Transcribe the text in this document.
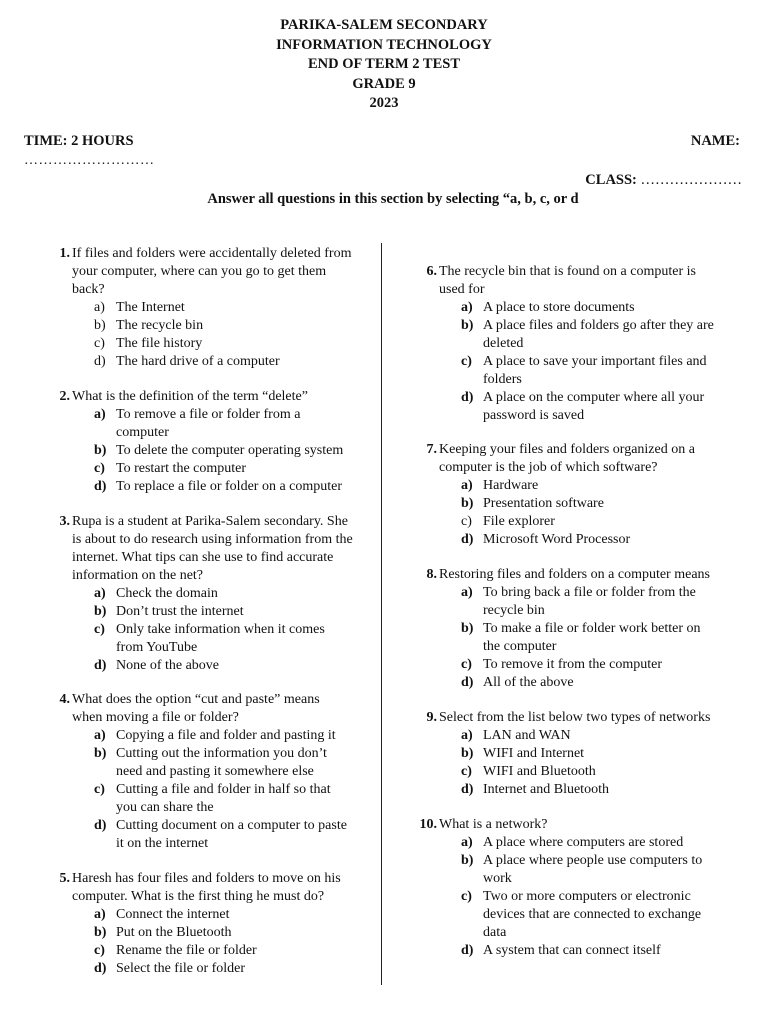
PARIKA-SALEM SECONDARY
INFORMATION TECHNOLOGY
END OF TERM 2 TEST
GRADE 9
2023
TIME: 2 HOURS	NAME:
………………………
CLASS: …………………
Answer all questions in this section by selecting “a, b, c, or d
1. If files and folders were accidentally deleted from your computer, where can you go to get them back?
a) The Internet
b) The recycle bin
c) The file history
d) The hard drive of a computer
2. What is the definition of the term “delete”
a) To remove a file or folder from a computer
b) To delete the computer operating system
c) To restart the computer
d) To replace a file or folder on a computer
3. Rupa is a student at Parika-Salem secondary. She is about to do research using information from the internet. What tips can she use to find accurate information on the net?
a) Check the domain
b) Don’t trust the internet
c) Only take information when it comes from YouTube
d) None of the above
4. What does the option “cut and paste” means when moving a file or folder?
a) Copying a file and folder and pasting it
b) Cutting out the information you don’t need and pasting it somewhere else
c) Cutting a file and folder in half so that you can share the
d) Cutting document on a computer to paste it on the internet
5. Haresh has four files and folders to move on his computer. What is the first thing he must do?
a) Connect the internet
b) Put on the Bluetooth
c) Rename the file or folder
d) Select the file or folder
6. The recycle bin that is found on a computer is used for
a) A place to store documents
b) A place files and folders go after they are deleted
c) A place to save your important files and folders
d) A place on the computer where all your password is saved
7. Keeping your files and folders organized on a computer is the job of which software?
a) Hardware
b) Presentation software
c) File explorer
d) Microsoft Word Processor
8. Restoring files and folders on a computer means
a) To bring back a file or folder from the recycle bin
b) To make a file or folder work better on the computer
c) To remove it from the computer
d) All of the above
9. Select from the list below two types of networks
a) LAN and WAN
b) WIFI and Internet
c) WIFI and Bluetooth
d) Internet and Bluetooth
10. What is a network?
a) A place where computers are stored
b) A place where people use computers to work
c) Two or more computers or electronic devices that are connected to exchange data
d) A system that can connect itself
